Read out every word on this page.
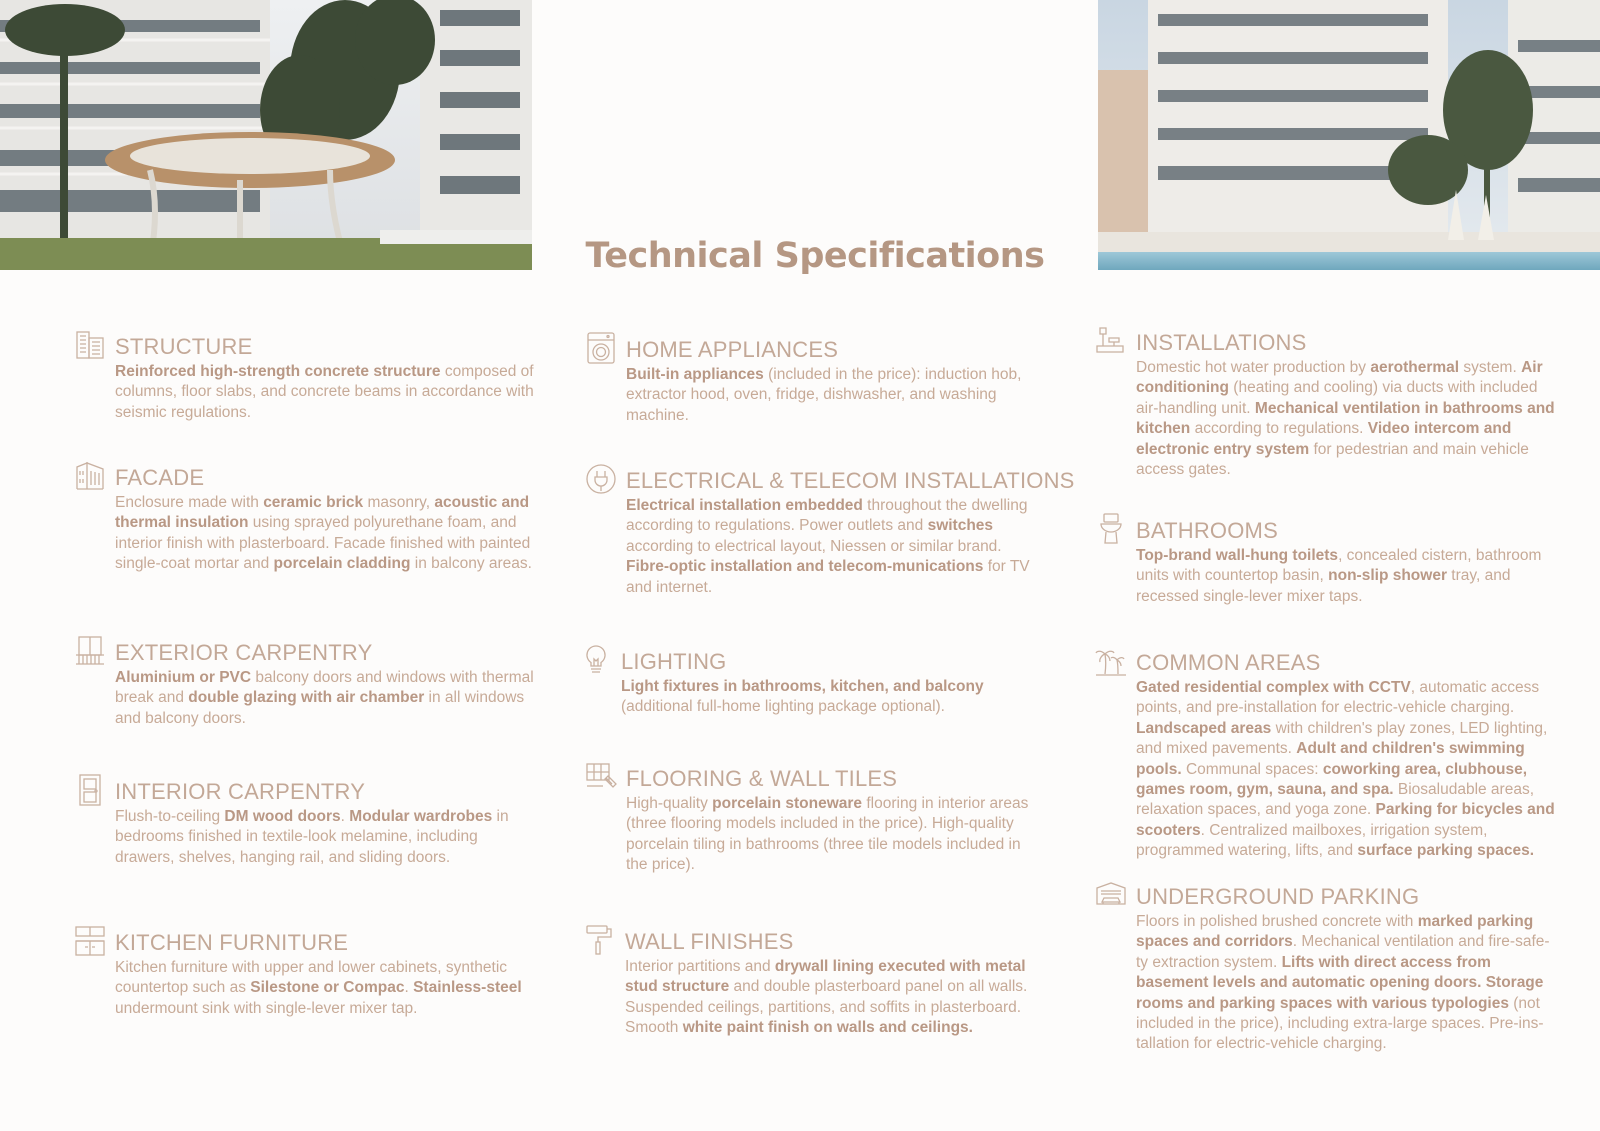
Technical Specifications
STRUCTURE

Reinforced high-strength concrete structure composed of columns, floor slabs, and concrete beams in accordance with seismic regulations.

FACADE

Enclosure made with ceramic brick masonry, acoustic and thermal insulation using sprayed polyurethane foam, and interior finish with plasterboard. Facade finished with painted single-coat mortar and porcelain cladding in balcony areas.

EXTERIOR CARPENTRY

Aluminium or PVC balcony doors and windows with thermal break and double glazing with air chamber in all windows and balcony doors.

INTERIOR CARPENTRY

Flush-to-ceiling DM wood doors. Modular wardrobes in bedrooms finished in textile-look melamine, including drawers, shelves, hanging rail, and sliding doors.

KITCHEN FURNITURE

Kitchen furniture with upper and lower cabinets, synthetic countertop such as Silestone or Compac. Stainless-steel undermount sink with single-lever mixer tap.

HOME APPLIANCES

Built-in appliances (included in the price): induction hob, extractor hood, oven, fridge, dishwasher, and washing machine.

ELECTRICAL & TELECOM INSTALLATIONS

Electrical installation embedded throughout the dwelling according to regulations. Power outlets and switches according to electrical layout, Niessen or similar brand. Fibre-optic installation and telecom-munications for TV and internet.

LIGHTING

Light fixtures in bathrooms, kitchen, and balcony (additional full-home lighting package optional).

FLOORING & WALL TILES

High-quality porcelain stoneware flooring in interior areas (three flooring models included in the price). High-quality porcelain tiling in bathrooms (three tile models included in the price).

WALL FINISHES

Interior partitions and drywall lining executed with metal stud structure and double plasterboard panel on all walls. Suspended ceilings, partitions, and soffits in plasterboard. Smooth white paint finish on walls and ceilings.

INSTALLATIONS

Domestic hot water production by aerothermal system. Air conditioning (heating and cooling) via ducts with included air-handling unit. Mechanical ventilation in bathrooms and kitchen according to regulations. Video intercom and electronic entry system for pedestrian and main vehicle access gates.

BATHROOMS

Top-brand wall-hung toilets, concealed cistern, bathroom units with countertop basin, non-slip shower tray, and recessed single-lever mixer taps.

COMMON AREAS

Gated residential complex with CCTV, automatic access points, and pre-installation for electric-vehicle charging. Landscaped areas with children's play zones, LED lighting, and mixed pavements. Adult and children's swimming pools. Communal spaces: coworking area, clubhouse, games room, gym, sauna, and spa. Biosaludable areas, relaxation spaces, and yoga zone. Parking for bicycles and scooters. Centralized mailboxes, irrigation system, programmed watering, lifts, and surface parking spaces.

UNDERGROUND PARKING

Floors in polished brushed concrete with marked parking spaces and corridors. Mechanical ventilation and fire-safe-ty extraction system. Lifts with direct access from basement levels and automatic opening doors. Storage rooms and parking spaces with various typologies (not included in the price), including extra-large spaces. Pre-ins-tallation for electric-vehicle charging.
